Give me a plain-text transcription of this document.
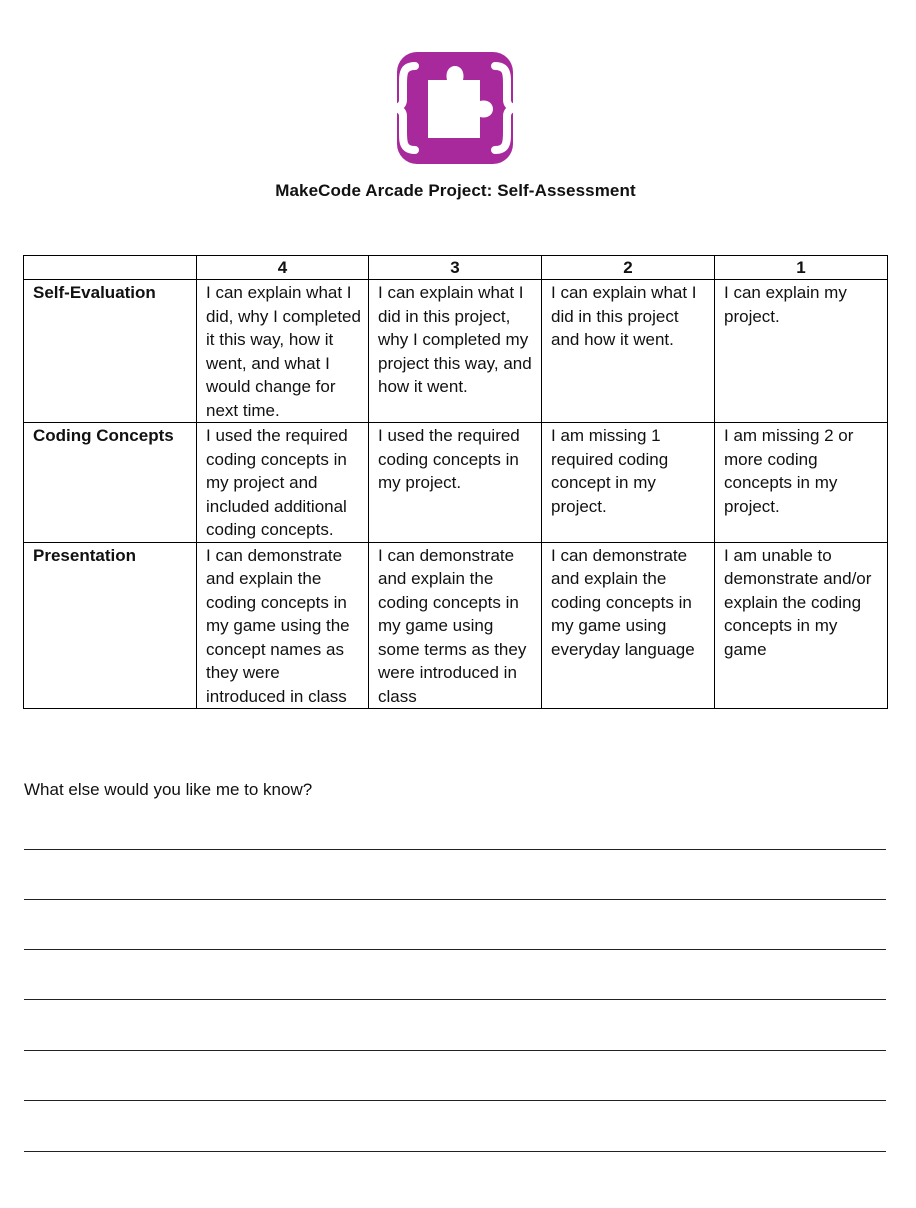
MakeCode Arcade Project: Self-Assessment
	4	3	2	1
Self-Evaluation	I can explain what I did, why I completed it this way, how it went, and what I would change for next time.	I can explain what I did in this project, why I completed my project this way, and how it went.	I can explain what I did in this project and how it went.	I can explain my project.
Coding Concepts	I used the required coding concepts in my project and included additional coding concepts.	I used the required coding concepts in my project.	I am missing 1 required coding concept in my project.	I am missing 2 or more coding concepts in my project.
Presentation	I can demonstrate and explain the coding concepts in my game using the concept names as they were introduced in class	I can demonstrate and explain the coding concepts in my game using some terms as they were introduced in class	I can demonstrate and explain the coding concepts in my game using everyday language	I am unable to demonstrate and/or explain the coding concepts in my game
What else would you like me to know?
